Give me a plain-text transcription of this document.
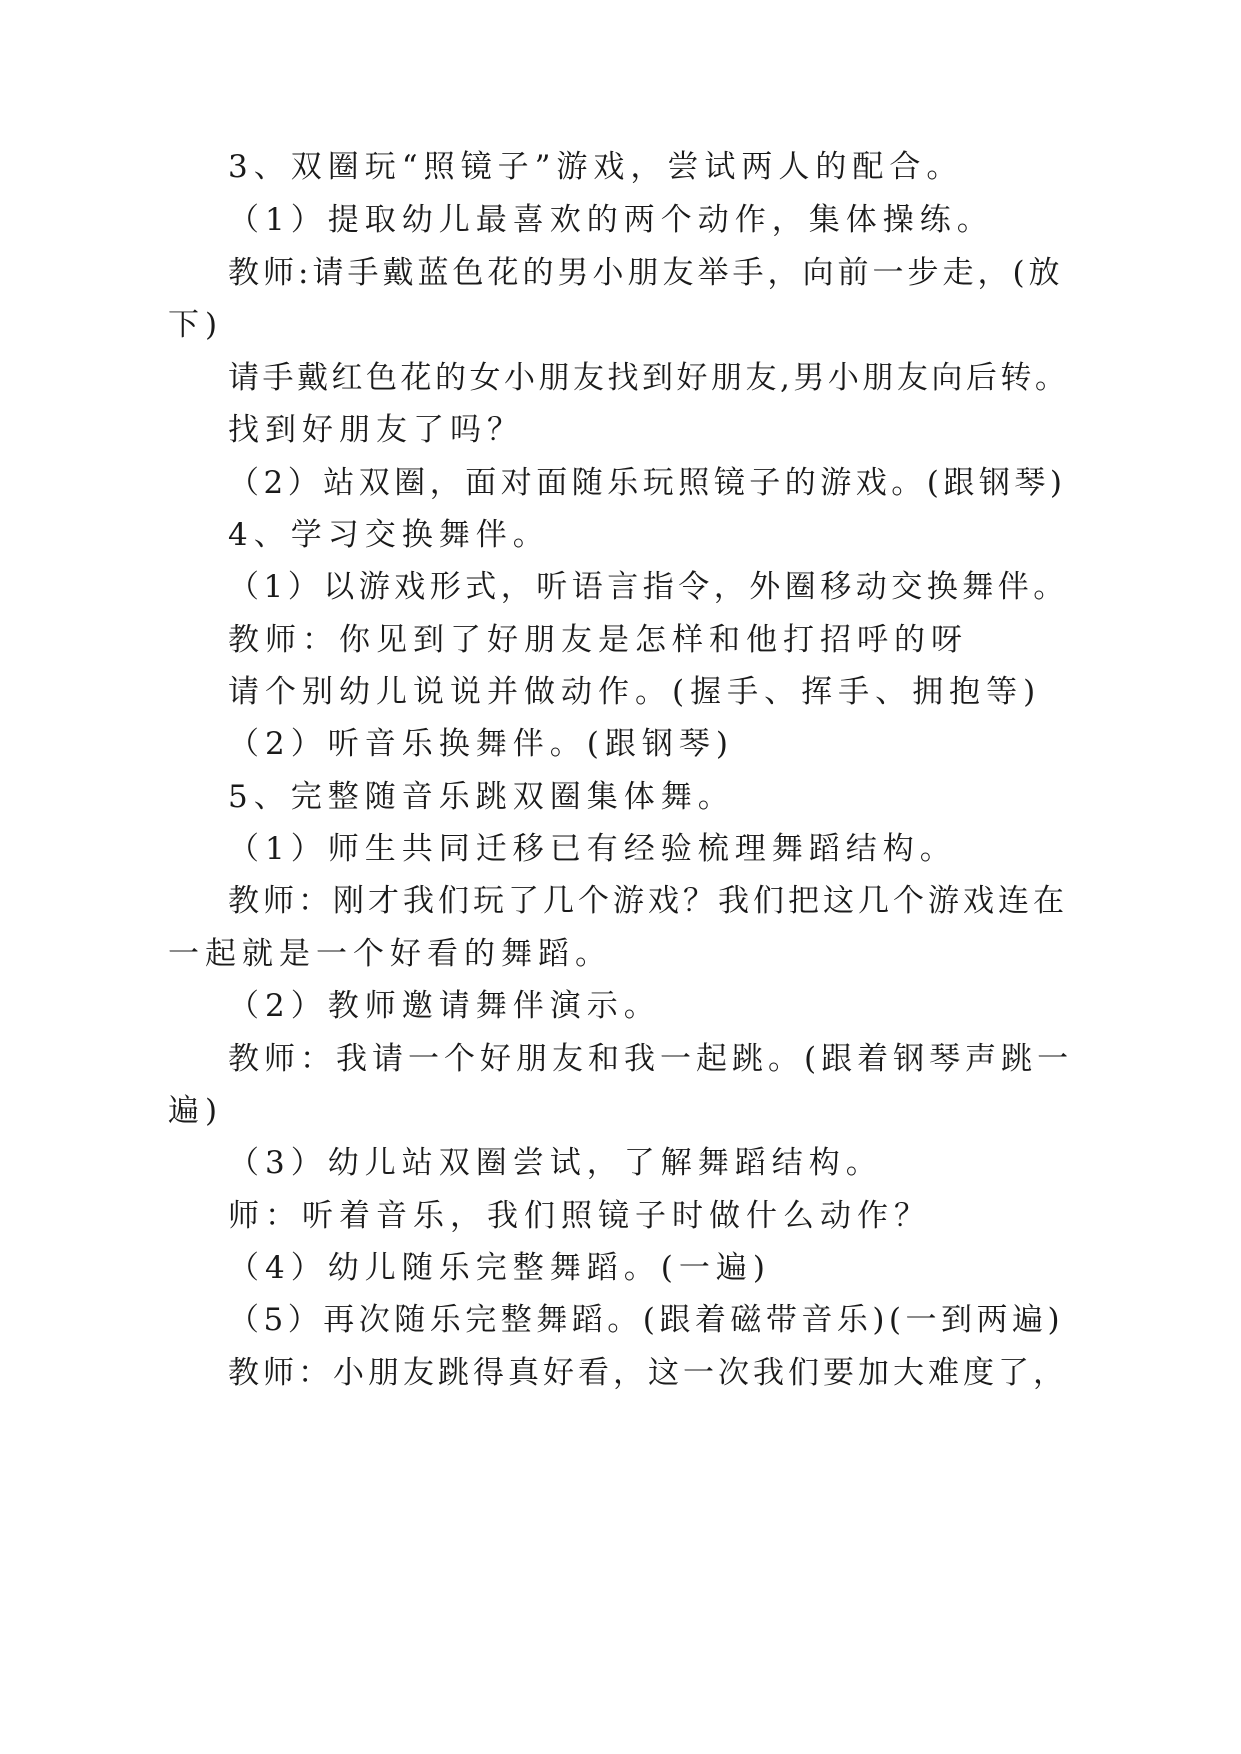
3、双圈玩“照镜子”游戏，尝试两人的配合。

（1）提取幼儿最喜欢的两个动作，集体操练。

教师:请手戴蓝色花的男小朋友举手，向前一步走，(放

下)

请手戴红色花的女小朋友找到好朋友,男小朋友向后转。

找到好朋友了吗？

（2）站双圈，面对面随乐玩照镜子的游戏。(跟钢琴)

4、学习交换舞伴。

（1）以游戏形式，听语言指令，外圈移动交换舞伴。

教师：你见到了好朋友是怎样和他打招呼的呀

请个别幼儿说说并做动作。(握手、挥手、拥抱等)

（2）听音乐换舞伴。(跟钢琴)

5、完整随音乐跳双圈集体舞。

（1）师生共同迁移已有经验梳理舞蹈结构。

教师：刚才我们玩了几个游戏？我们把这几个游戏连在

一起就是一个好看的舞蹈。

（2）教师邀请舞伴演示。

教师：我请一个好朋友和我一起跳。(跟着钢琴声跳一

遍)

（3）幼儿站双圈尝试，了解舞蹈结构。

师：听着音乐，我们照镜子时做什么动作？

（4）幼儿随乐完整舞蹈。(一遍)

（5）再次随乐完整舞蹈。(跟着磁带音乐)(一到两遍)

教师：小朋友跳得真好看，这一次我们要加大难度了，
